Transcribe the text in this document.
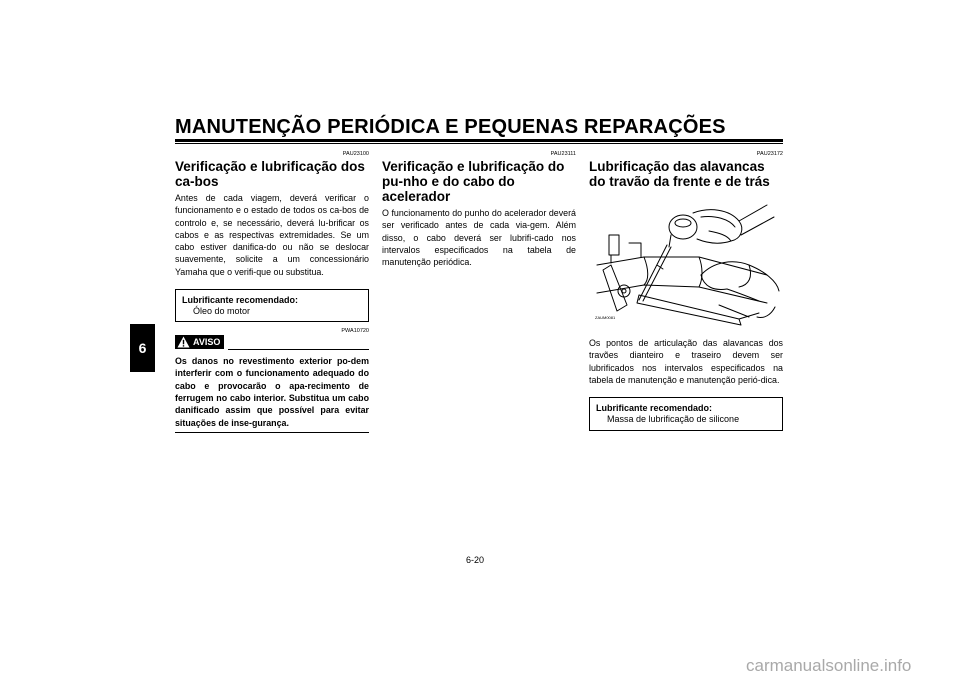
MANUTENÇÃO PERIÓDICA E PEQUENAS REPARAÇÕES
6
PAU23100
Verificação e lubrificação dos ca-bos
Antes de cada viagem, deverá verificar o funcionamento e o estado de todos os ca-bos de controlo e, se necessário, deverá lu-brificar os cabos e as respectivas extremidades. Se um cabo estiver danifica-do ou não se deslocar suavemente, solicite a um concessionário Yamaha que o verifi-que ou substitua.
Lubrificante recomendado:
Óleo do motor
PWA10720
AVISO
Os danos no revestimento exterior po-dem interferir com o funcionamento adequado do cabo e provocarão o apa-recimento de ferrugem no cabo interior. Substitua um cabo danificado assim que possível para evitar situações de inse-gurança.
PAU23111
Verificação e lubrificação do pu-nho e do cabo do acelerador
O funcionamento do punho do acelerador deverá ser verificado antes de cada via-gem. Além disso, o cabo deverá ser lubrifi-cado nos intervalos especificados na tabela de manutenção periódica.
PAU23172
Lubrificação das alavancas do travão da frente e de trás
ZAUM0081
Os pontos de articulação das alavancas dos travões dianteiro e traseiro devem ser lubrificados nos intervalos especificados na tabela de manutenção e manutenção perió-dica.
Lubrificante recomendado:
Massa de lubrificação de silicone
6-20
carmanualsonline.info
